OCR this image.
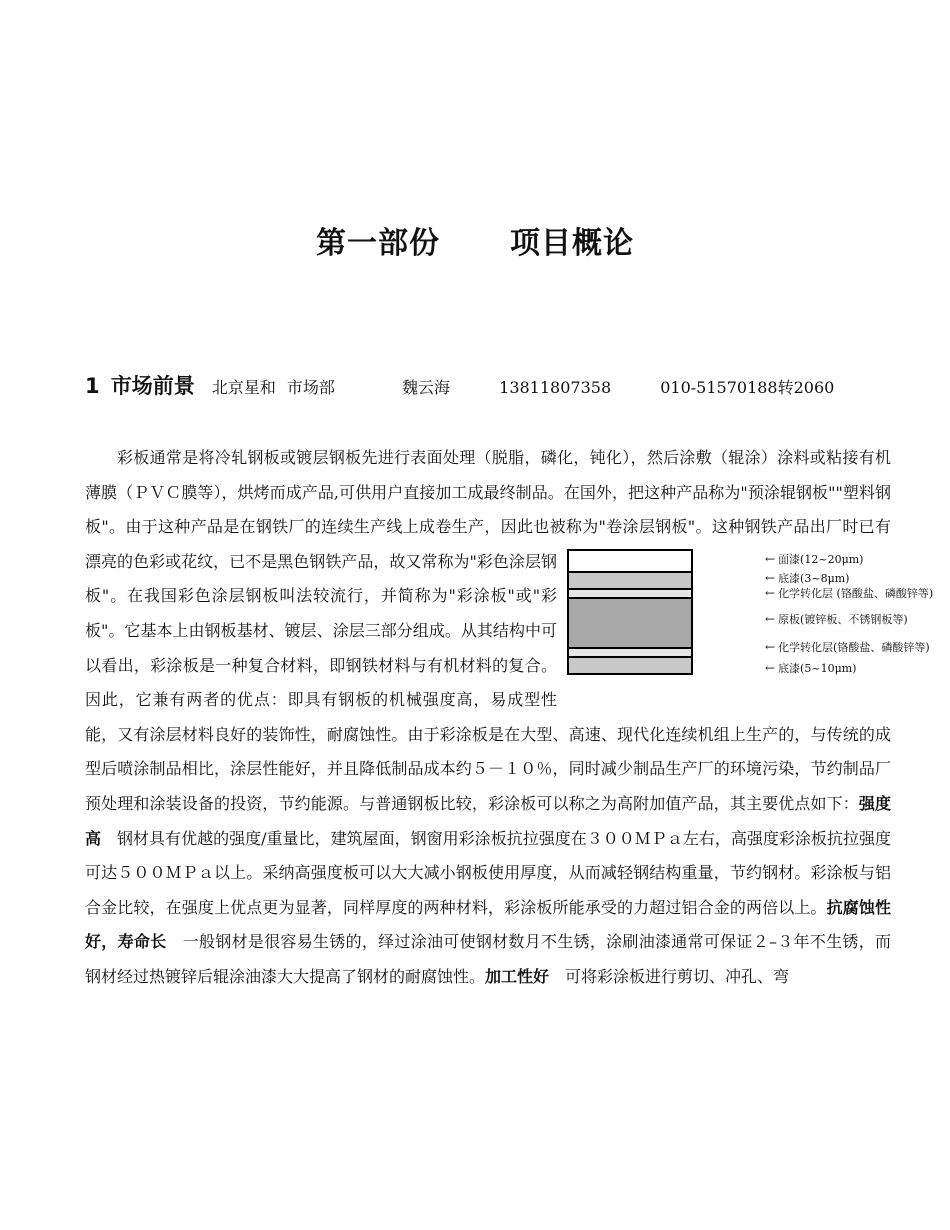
第一部份 项目概论
1 市场前景 北京星和 市场部	魏云海	13811807358	010-51570188转2060

彩板通常是将冷轧钢板或镀层钢板先进行表面处理（脱脂，磷化，钝化），然后涂敷（辊涂）涂料或粘接有机薄膜（ＰＶＣ膜等），烘烤而成产品,可供用户直接加工成最终制品。在国外，把这种产品称为"预涂辊钢板""塑料钢板"。由于这种产品是在钢铁厂的连续生产线上成卷生产，因此也被称为"卷涂层钢板"。这种钢铁产品出厂时已有漂亮的色彩或花纹，已不是黑色钢铁产品，	← 面漆(12~20μm)
← 底漆(3~8μm)
← 化学转化层 (铬酸盐、磷酸锌等)
← 原板(镀锌板、不锈钢板等)
← 化学转化层(铬酸盐、磷酸锌等)
← 底漆(5~10μm)
故又常称为"彩色涂层钢板"。在我国彩色涂层钢板叫法较流行，并简称为"彩涂板"或"彩板"。它基本上由钢板基材、镀层、涂层三部分组成。从其结构中可以看出，彩涂板是一种复合材料，即钢铁材料与有机材料的复合。因此，它兼有两者的优点：即具有钢板的机械强度高，易成型性能，又有涂层材料良好的装饰性，耐腐蚀性。由于彩涂板是在大型、高速、现代化连续机组上生产的，与传统的成型后喷涂制品相比，涂层性能好，并且降低制品成本约５－１０％，同时减少制品生产厂的环境污染，节约制品厂预处理和涂装设备的投资，节约能源。与普通钢板比较，彩涂板可以称之为高附加值产品，其主要优点如下：强度高　钢材具有优越的强度/重量比，建筑屋面，钢窗用彩涂板抗拉强度在３００ＭＰａ左右，高强度彩涂板抗拉强度可达５００ＭＰａ以上。采纳高强度板可以大大减小钢板使用厚度，从而减轻钢结构重量，节约钢材。彩涂板与铝合金比较，在强度上优点更为显著，同样厚度的两种材料，彩涂板所能承受的力超过铝合金的两倍以上。抗腐蚀性好，寿命长　一般钢材是很容易生锈的，绎过涂油可使钢材数月不生锈，涂刷油漆通常可保证２–３年不生锈，而钢材经过热镀锌后辊涂油漆大大提高了钢材的耐腐蚀性。加工性好　可将彩涂板进行剪切、冲孔、弯
